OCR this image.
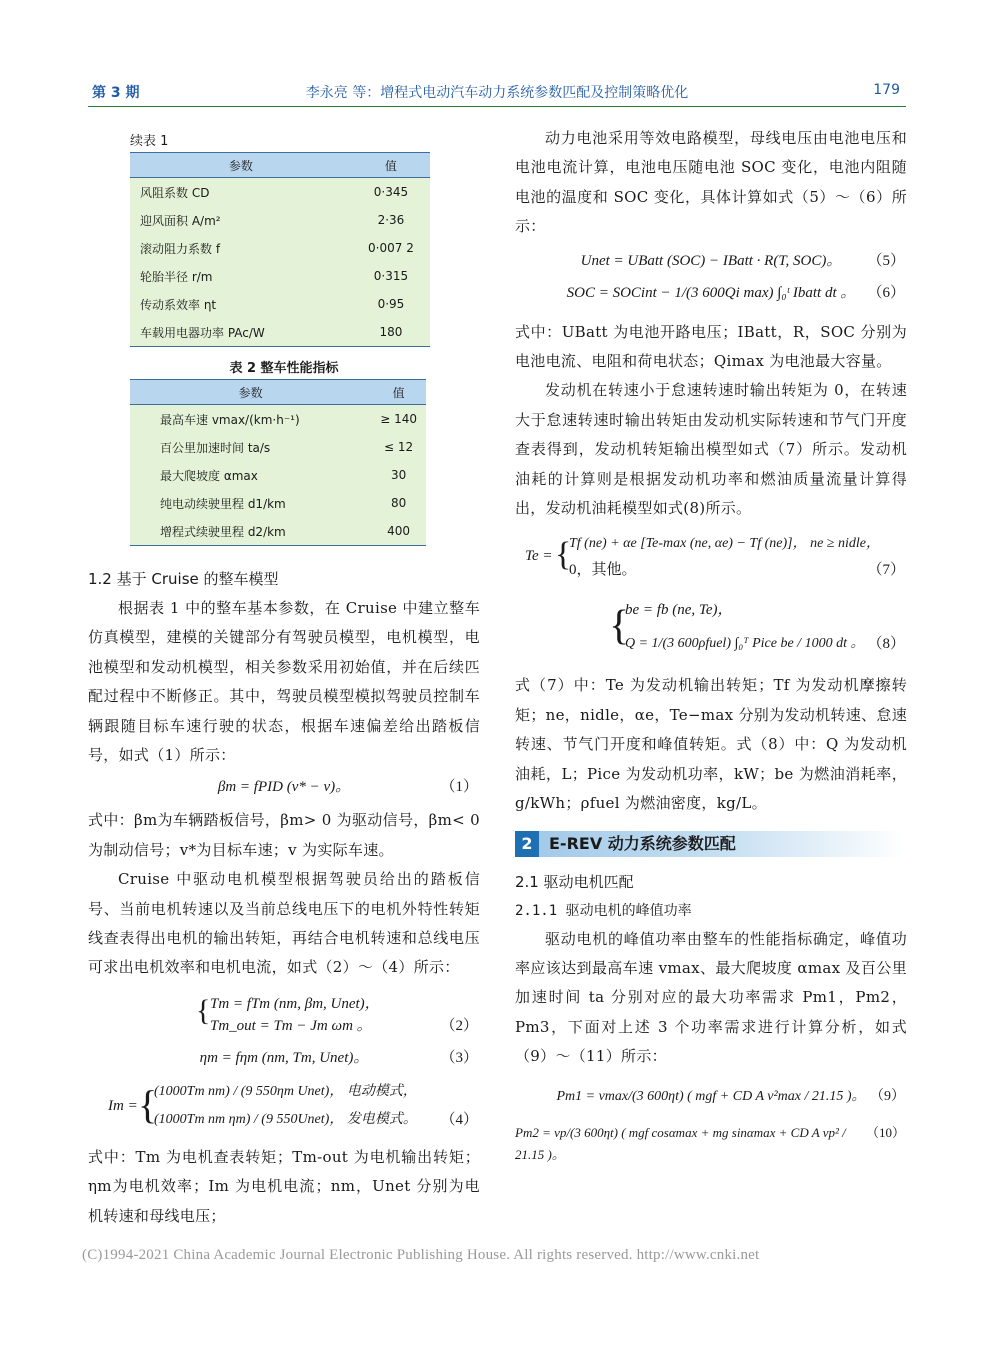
第 3 期	李永亮 等：增程式电动汽车动力系统参数匹配及控制策略优化	179

续表 1

参数	值
风阻系数 CD	0·345
迎风面积 A/m²	2·36
滚动阻力系数 f	0·007 2
轮胎半径 r/m	0·315
传动系效率 ηt	0·95
车载用电器功率 PAc/W	180

表 2 整车性能指标

参数	值
最高车速 vmax/(km·h⁻¹)	≥ 140
百公里加速时间 ta/s	≤ 12
最大爬坡度 αmax	30
纯电动续驶里程 d1/km	80
增程式续驶里程 d2/km	400

1.2 基于 Cruise 的整车模型

根据表 1 中的整车基本参数，在 Cruise 中建立整车仿真模型，建模的关键部分有驾驶员模型，电机模型，电池模型和发动机模型，相关参数采用初始值，并在后续匹配过程中不断修正。其中，驾驶员模型模拟驾驶员控制车辆跟随目标车速行驶的状态，根据车速偏差给出踏板信号，如式（1）所示：

βm = fPID (v* − v)。	（1）

式中：βm为车辆踏板信号，βm> 0 为驱动信号，βm< 0 为制动信号；v*为目标车速；v 为实际车速。

Cruise 中驱动电机模型根据驾驶员给出的踏板信号、当前电机转速以及当前总线电压下的电机外特性转矩线查表得出电机的输出转矩，再结合电机转速和总线电压可求出电机效率和电机电流，如式（2）～（4）所示：

{ Tm = fTm (nm, βm, Unet)，
Tm_out = Tm − Jm ωm 。	（2）

ηm = fηm (nm, Tm, Unet)。	（3）

Im = {
(1000Tm nm) / (9 550ηm Unet)， 电动模式，
(1000Tm nm ηm) / (9 550Unet)， 发电模式。 （4）

式中：Tm 为电机查表转矩；Tm-out 为电机输出转矩；ηm为电机效率；Im 为电机电流；nm，Unet 分别为电机转速和母线电压；

动力电池采用等效电路模型，母线电压由电池电压和电池电流计算，电池电压随电池 SOC 变化，电池内阻随电池的温度和 SOC 变化，具体计算如式（5）～（6）所示：

Unet = UBatt (SOC) − IBatt · R(T, SOC)。	（5）

SOC = SOCint − 1/(3 600Qi max) ∫₀ᵗ Ibatt dt 。 （6）

式中：UBatt 为电池开路电压；IBatt，R，SOC 分别为电池电流、电阻和荷电状态；Qimax 为电池最大容量。

发动机在转速小于怠速转速时输出转矩为 0，在转速大于怠速转速时输出转矩由发动机实际转速和节气门开度查表得到，发动机转矩输出模型如式（7）所示。发动机油耗的计算则是根据发动机功率和燃油质量流量计算得出，发动机油耗模型如式(8)所示。

Te = {
Tf (ne) + αe [Te-max (ne, αe) − Tf (ne)]， ne ≥ nidle，
0，其他。	（7）
{
be = fb (ne, Te)，
Q = 1/(3 600ρfuel) ∫₀ᵀ Pice be / 1000 dt 。 （8）

式（7）中：Te 为发动机输出转矩；Tf 为发动机摩擦转矩；ne，nidle，αe，Te−max 分别为发动机转速、怠速转速、节气门开度和峰值转矩。式（8）中：Q 为发动机油耗，L；Pice 为发动机功率，kW；be 为燃油消耗率，g/kWh；ρfuel 为燃油密度，kg/L。

2 E-REV 动力系统参数匹配

2.1 驱动电机匹配

2.1.1 驱动电机的峰值功率

驱动电机的峰值功率由整车的性能指标确定，峰值功率应该达到最高车速 vmax、最大爬坡度 αmax 及百公里加速时间 ta 分别对应的最大功率需求 Pm1，Pm2，Pm3，下面对上述 3 个功率需求进行计算分析，如式（9）～（11）所示：

Pm1 = vmax/(3 600ηt) ( mgf + CD A v²max / 21.15 )。 （9）

Pm2 = vp/(3 600ηt) ( mgf cosαmax + mg sinαmax + CD A vp² / 21.15 )。
（10）

(C)1994-2021 China Academic Journal Electronic Publishing House. All rights reserved. http://www.cnki.net
